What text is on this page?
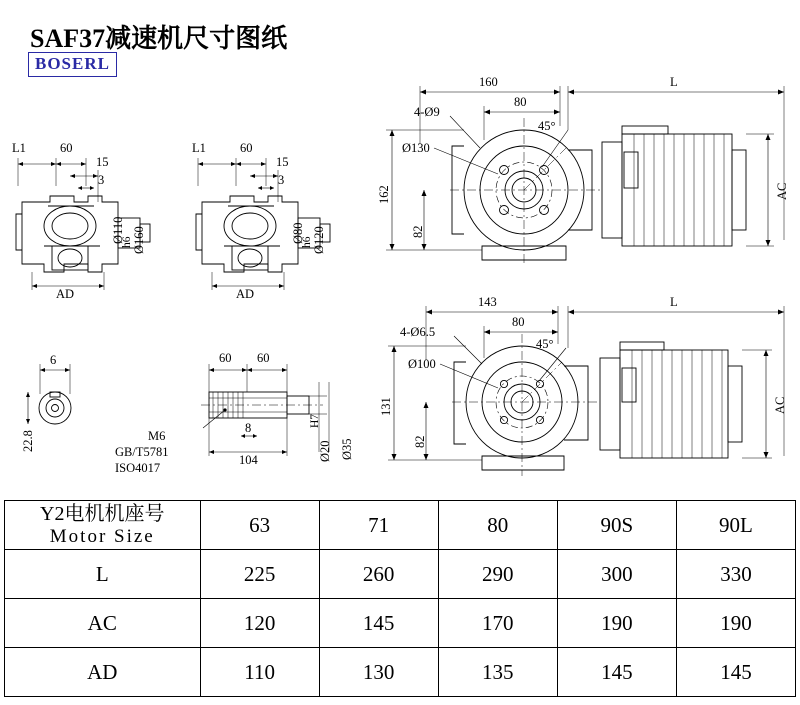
SAF37减速机尺寸图纸
BOSERL
L1	60
15
3
Ø110
h6 Ø160
AD
L1	60
15
3
Ø80
h6 Ø120
AD
6
22.8
60 60
M6
GB/T5781
ISO4017
8
104	Ø20
H7
Ø35
160
80
L
4-Ø9
45°
Ø130
162
82
AC
143
80
L
4-Ø6.5
45°
Ø100
131
82
AC
Y2电机机座号
Motor Size	63	71	80	90S	90L
L	225	260	290	300	330
AC	120	145	170	190	190
AD	110	130	135	145	145
